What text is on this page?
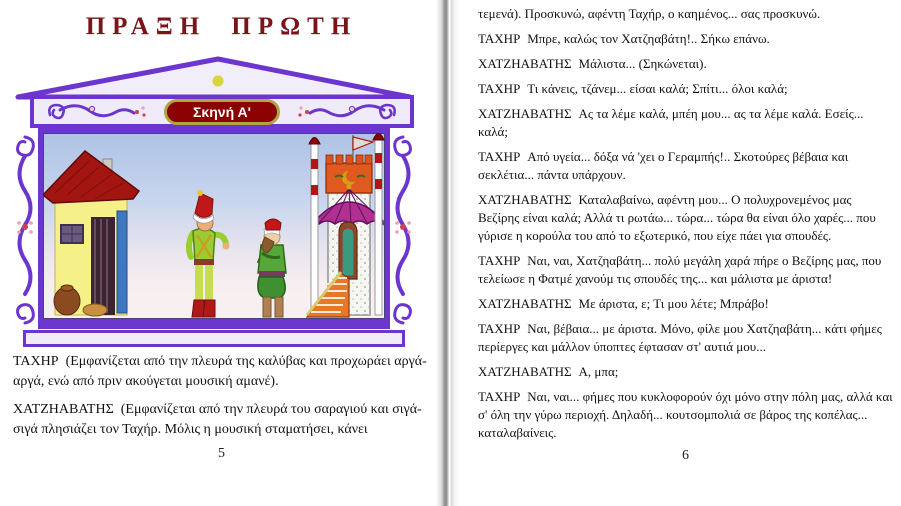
ΠΡΑΞΗ ΠΡΩΤΗ
Σκηνή Α'

ΤΑΧΗΡ (Εμφανίζεται από την πλευρά της καλύβας και προχωράει αργά-αργά, ενώ από πριν ακούγεται μουσική αμανέ).

ΧΑΤΖΗΑΒΑΤΗΣ (Εμφανίζεται από την πλευρά του σαραγιού και σιγά-σιγά πλησιάζει τον Ταχήρ. Μόλις η μουσική σταματήσει, κάνει

5

τεμενά). Προσκυνώ, αφέντη Ταχήρ, ο καημένος... σας προσκυνώ.

ΤΑΧΗΡ Μπρε, καλώς τον Χατζηαβάτη!.. Σήκω επάνω.

ΧΑΤΖΗΑΒΑΤΗΣ Μάλιστα... (Σηκώνεται).

ΤΑΧΗΡ Τι κάνεις, τζάνεμ... είσαι καλά; Σπίτι... όλοι καλά;

ΧΑΤΖΗΑΒΑΤΗΣ Ας τα λέμε καλά, μπέη μου... ας τα λέμε καλά. Εσείς... καλά;

ΤΑΧΗΡ Από υγεία... δόξα νά 'χει ο Γεραμπής!.. Σκοτούρες βέβαια και σεκλέτια... πάντα υπάρχουν.

ΧΑΤΖΗΑΒΑΤΗΣ Καταλαβαίνω, αφέντη μου... Ο πολυχρονεμένος μας Βεζίρης είναι καλά; Αλλά τι ρωτάω... τώρα... τώρα θα είναι όλο χαρές... που γύρισε η κορούλα του από το εξωτερικό, που είχε πάει για σπουδές.

ΤΑΧΗΡ Ναι, ναι, Χατζηαβάτη... πολύ μεγάλη χαρά πήρε ο Βεζίρης μας, που τελείωσε η Φατμέ χανούμ τις σπουδές της... και μάλιστα με άριστα!

ΧΑΤΖΗΑΒΑΤΗΣ Με άριστα, ε; Τι μου λέτε; Μπράβο!

ΤΑΧΗΡ Ναι, βέβαια... με άριστα. Μόνο, φίλε μου Χατζηαβάτη... κάτι φήμες περίεργες και μάλλον ύποπτες έφτασαν στ' αυτιά μου...

ΧΑΤΖΗΑΒΑΤΗΣ Α, μπα;

ΤΑΧΗΡ Ναι, ναι... φήμες που κυκλοφορούν όχι μόνο στην πόλη μας, αλλά και σ' όλη την γύρω περιοχή. Δηλαδή... κουτσομπολιά σε βάρος της κοπέλας... καταλαβαίνεις.

6
